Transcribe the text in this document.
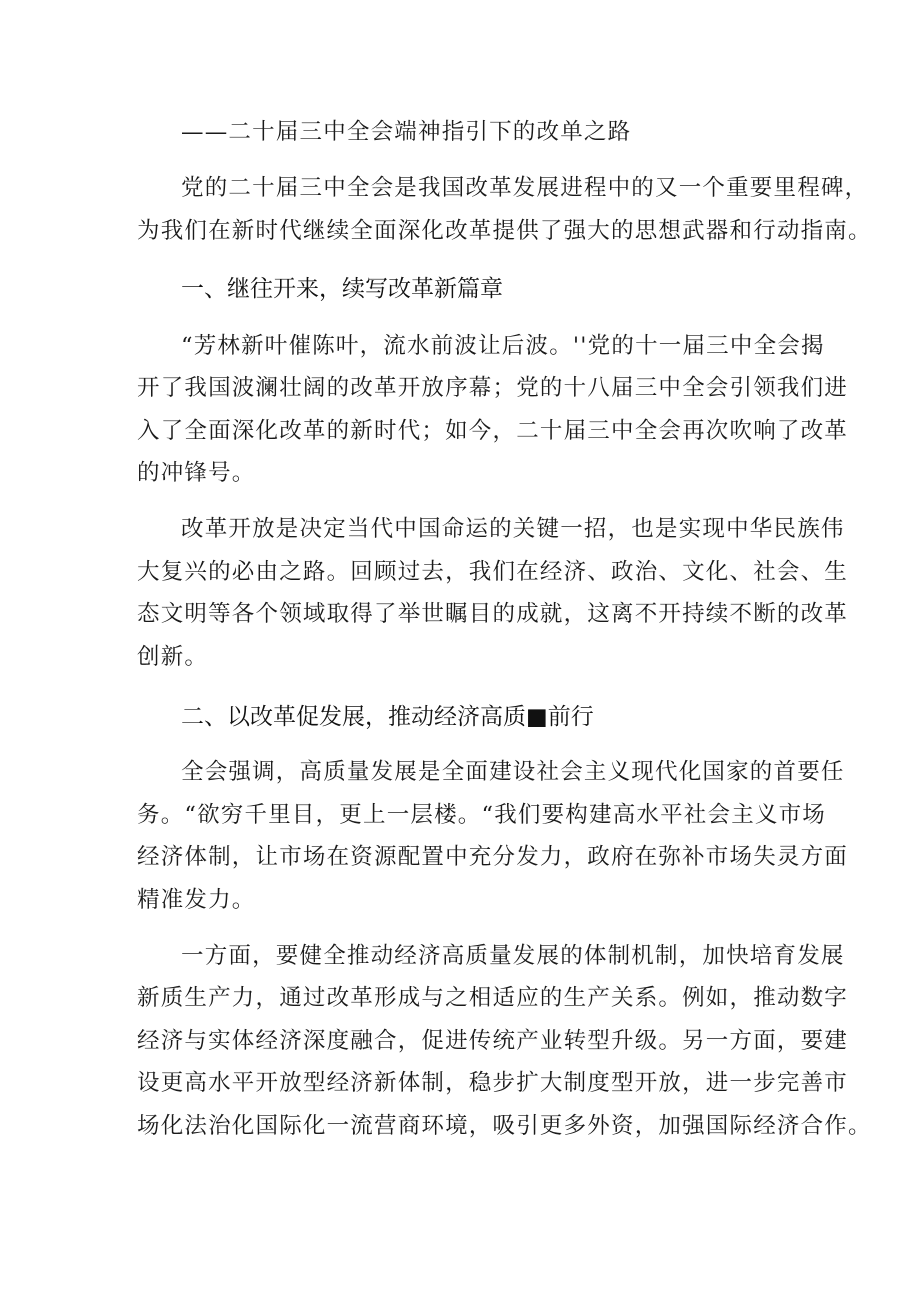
——二十届三中全会端神指引下的改单之路
党的二十届三中全会是我国改革发展进程中的又一个重要里程碑，
为我们在新时代继续全面深化改革提供了强大的思想武器和行动指南。
一、继往开来，续写改革新篇章
“芳林新叶催陈叶，流水前波让后波。''党的十一届三中全会揭
开了我国波澜壮阔的改革开放序幕；党的十八届三中全会引领我们进
入了全面深化改革的新时代；如今，二十届三中全会再次吹响了改革
的冲锋号。
改革开放是决定当代中国命运的关键一招，也是实现中华民族伟
大复兴的必由之路。回顾过去，我们在经济、政治、文化、社会、生
态文明等各个领域取得了举世瞩目的成就，这离不开持续不断的改革
创新。
二、以改革促发展，推动经济高质■前行
全会强调，高质量发展是全面建设社会主义现代化国家的首要任
务。“欲穷千里目，更上一层楼。“我们要构建高水平社会主义市场
经济体制，让市场在资源配置中充分发力，政府在弥补市场失灵方面
精准发力。
一方面，要健全推动经济高质量发展的体制机制，加快培育发展
新质生产力，通过改革形成与之相适应的生产关系。例如，推动数字
经济与实体经济深度融合，促进传统产业转型升级。另一方面，要建
设更高水平开放型经济新体制，稳步扩大制度型开放，进一步完善市
场化法治化国际化一流营商环境，吸引更多外资，加强国际经济合作。
